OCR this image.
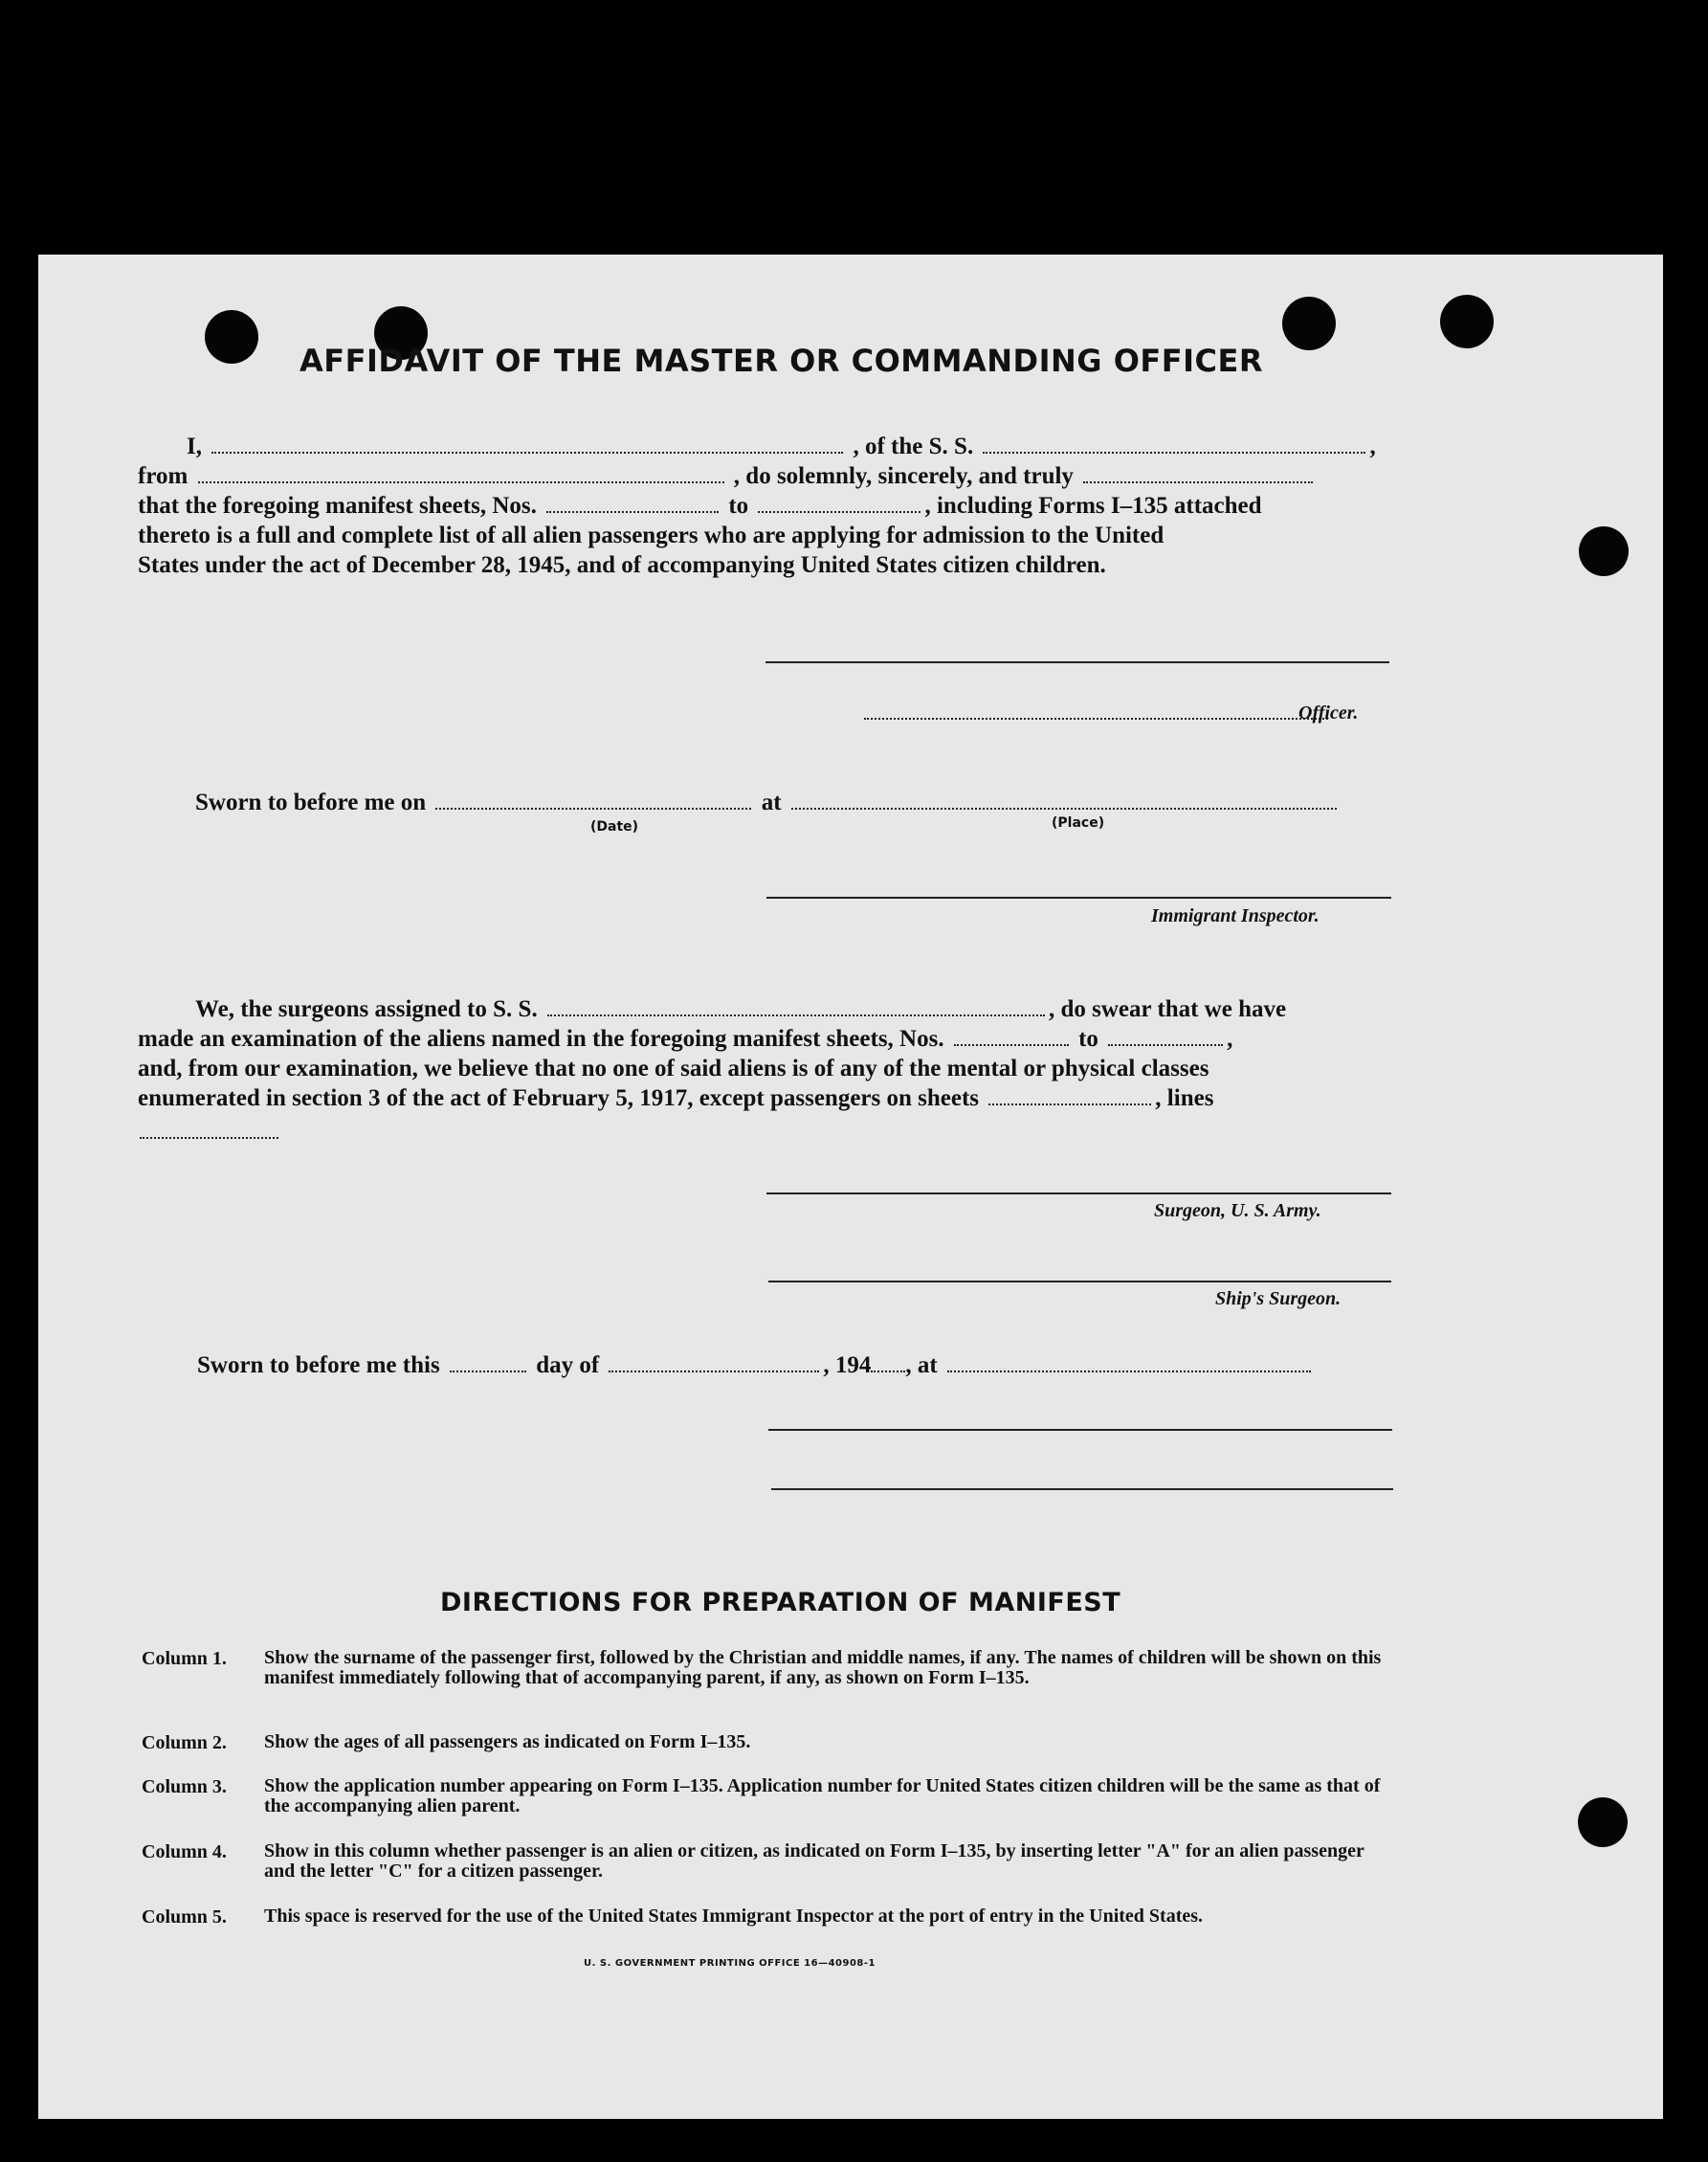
AFFIDAVIT OF THE MASTER OR COMMANDING OFFICER
I,	, of the S. S.	,
from	, do solemnly, sincerely, and truly
that the foregoing manifest sheets, Nos.	to	, including Forms I–135 attached
thereto is a full and complete list of all alien passengers who are applying for admission to the United
States under the act of December 28, 1945, and of accompanying United States citizen children.
Officer.
Sworn to before me on	at
(Date)	(Place)
Immigrant Inspector.
We, the surgeons assigned to S. S.	, do swear that we have
made an examination of the aliens named in the foregoing manifest sheets, Nos.	to	,
and, from our examination, we believe that no one of said aliens is of any of the mental or physical classes
enumerated in section 3 of the act of February 5, 1917, except passengers on sheets	, lines
Surgeon, U. S. Army.
Ship's Surgeon.
Sworn to before me this	day of	, 194 , at
DIRECTIONS FOR PREPARATION OF MANIFEST
Column 1. Show the surname of the passenger first, followed by the Christian and middle names, if any. The names of children will be shown on this manifest immediately following that of accompanying parent, if any, as shown on Form I–135.
Column 2. Show the ages of all passengers as indicated on Form I–135.
Column 3. Show the application number appearing on Form I–135. Application number for United States citizen children will be the same as that of the accompanying alien parent.
Column 4. Show in this column whether passenger is an alien or citizen, as indicated on Form I–135, by inserting letter "A" for an alien passenger and the letter "C" for a citizen passenger.
Column 5. This space is reserved for the use of the United States Immigrant Inspector at the port of entry in the United States.
U. S. GOVERNMENT PRINTING OFFICE 16—40908-1
